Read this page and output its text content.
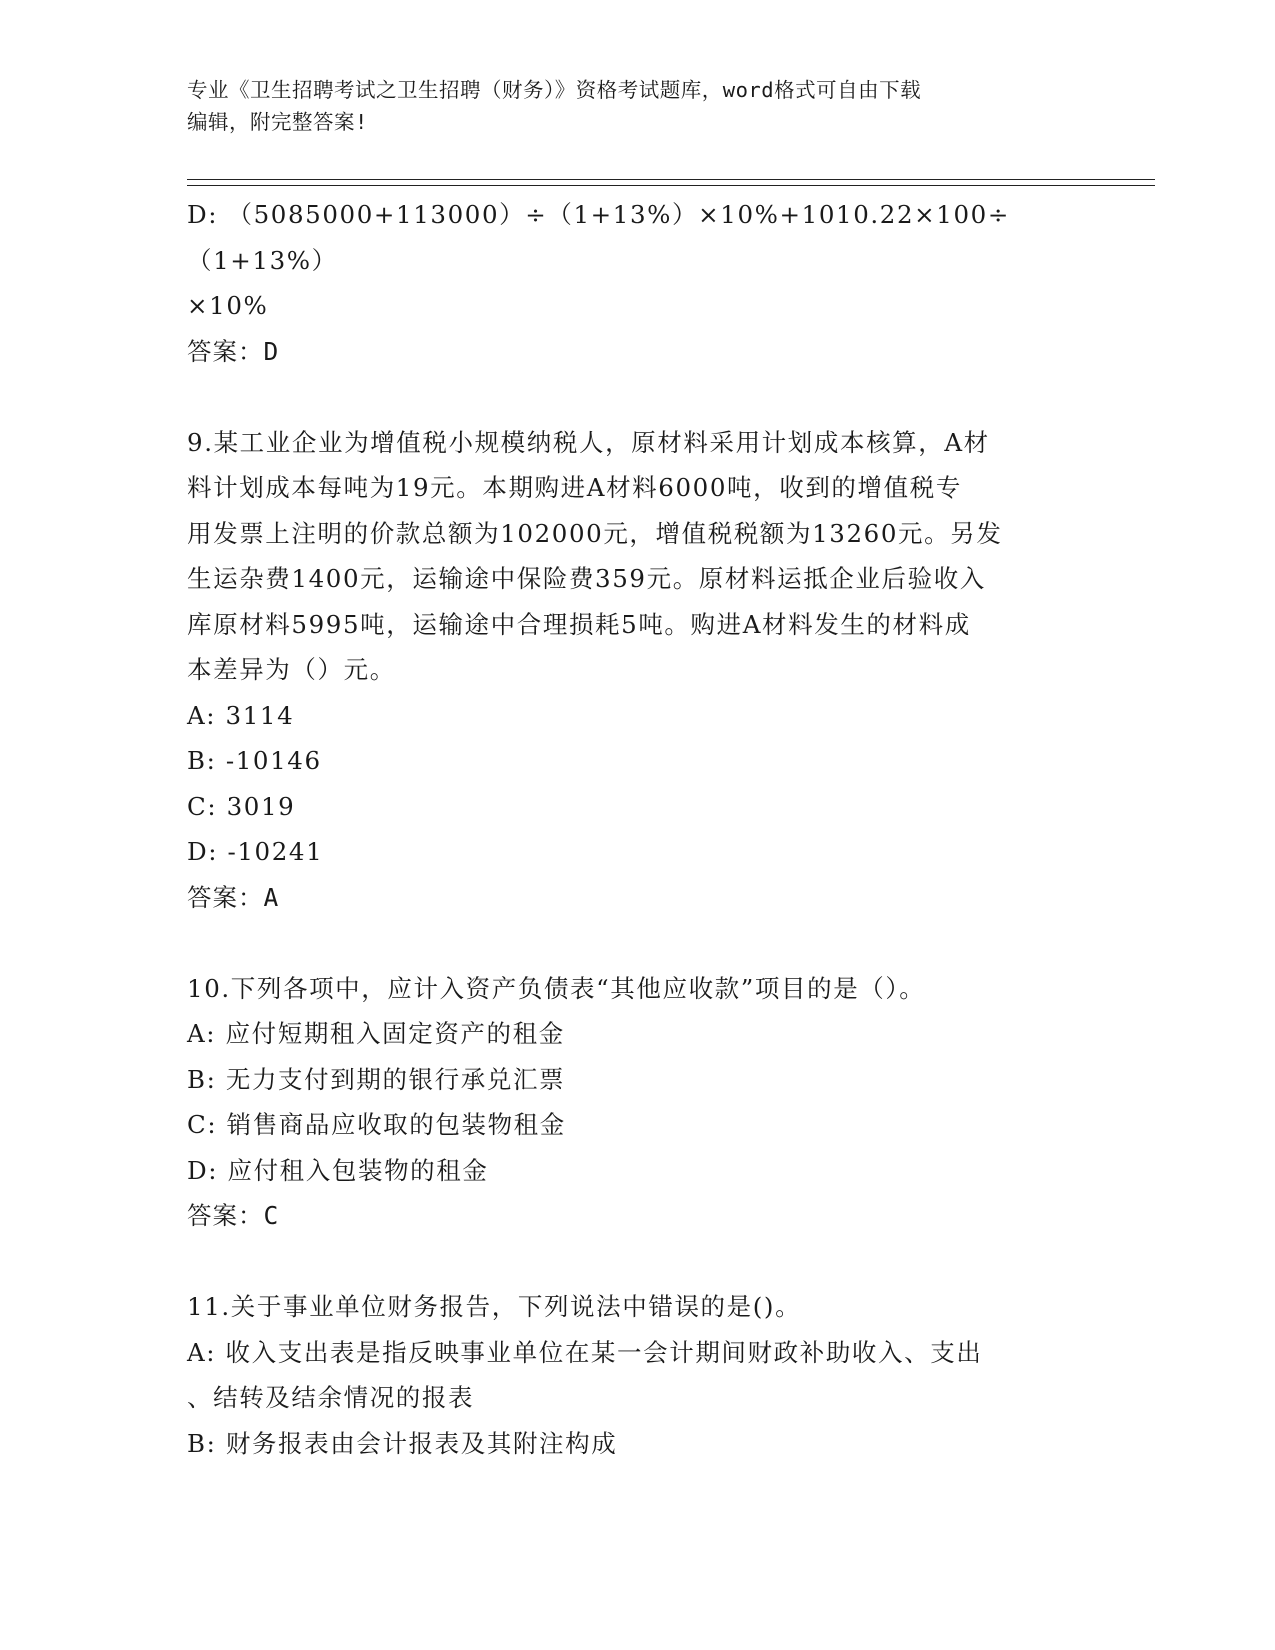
专业《卫生招聘考试之卫生招聘（财务）》资格考试题库，word格式可自由下载
编辑，附完整答案!

D: （5085000+113000）÷（1+13%）×10%+1010.22×100÷（1+13%）

×10%

答案：D

9.某工业企业为增值税小规模纳税人，原材料采用计划成本核算，A材

料计划成本每吨为19元。本期购进A材料6000吨，收到的增值税专

用发票上注明的价款总额为102000元，增值税税额为13260元。另发

生运杂费1400元，运输途中保险费359元。原材料运抵企业后验收入

库原材料5995吨，运输途中合理损耗5吨。购进A材料发生的材料成

本差异为（）元。

A: 3114

B: -10146

C: 3019

D: -10241

答案：A

10.下列各项中，应计入资产负债表“其他应收款”项目的是（）。

A: 应付短期租入固定资产的租金

B: 无力支付到期的银行承兑汇票

C: 销售商品应收取的包装物租金

D: 应付租入包装物的租金

答案：C

11.关于事业单位财务报告，下列说法中错误的是()。

A: 收入支出表是指反映事业单位在某一会计期间财政补助收入、支出

、结转及结余情况的报表

B: 财务报表由会计报表及其附注构成
